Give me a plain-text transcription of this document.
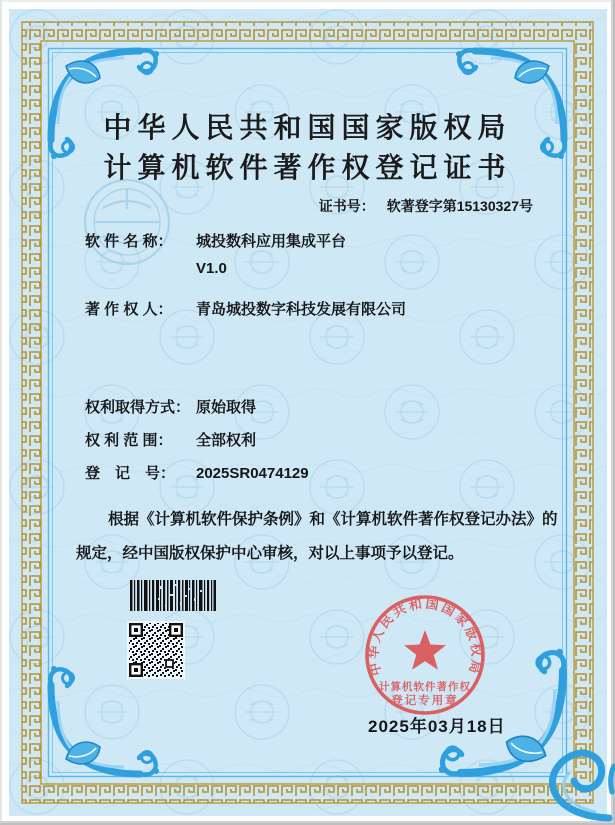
中华人民共和国国家版权局
计算机软件著作权登记证书
证书号： 软著登字第15130327号
软 件 名 称：	城投数科应用集成平台
V1.0
著 作 权 人：	青岛城投数字科技发展有限公司
权利取得方式： 原始取得
权 利 范 围：	全部权利
登　记　号：	2025SR0474129
根据《计算机软件保护条例》和《计算机软件著作权登记办法》的
规定，经中国版权保护中心审核，对以上事项予以登记。
中华人民共和国国家版权局
计算机软件著作权
登记专用章
2025年03月18日
